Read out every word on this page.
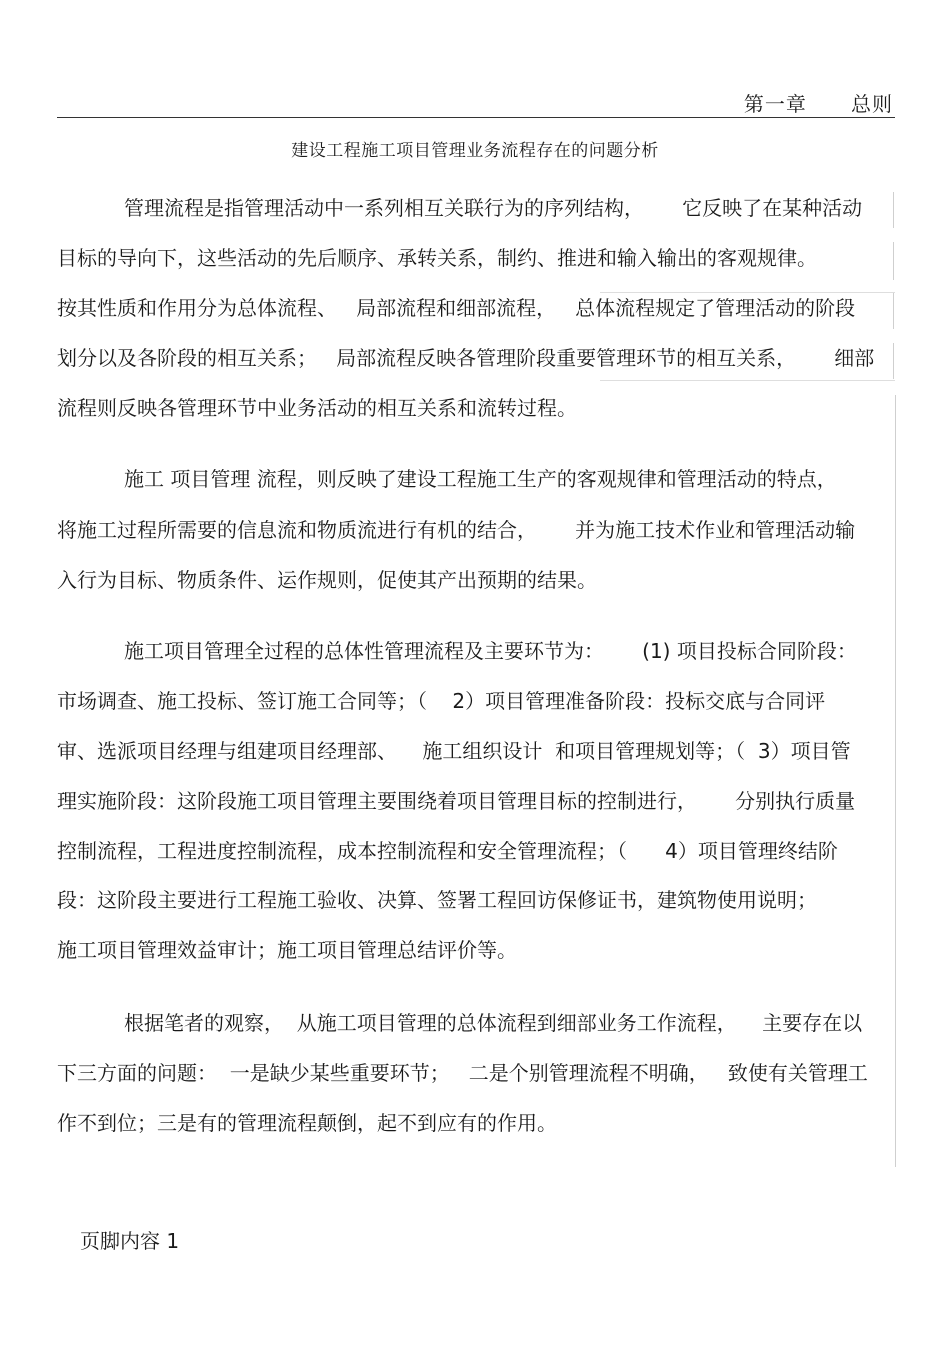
第一章      总则
建设工程施工项目管理业务流程存在的问题分析
管理流程是指管理活动中一系列相互关联行为的序列结构，      它反映了在某种活动
目标的导向下，这些活动的先后顺序、承转关系，制约、推进和输入输出的客观规律。
按其性质和作用分为总体流程、   局部流程和细部流程，   总体流程规定了管理活动的阶段
划分以及各阶段的相互关系；   局部流程反映各管理阶段重要管理环节的相互关系，      细部
流程则反映各管理环节中业务活动的相互关系和流转过程。
施工 项目管理 流程，则反映了建设工程施工生产的客观规律和管理活动的特点，
将施工过程所需要的信息流和物质流进行有机的结合，      并为施工技术作业和管理活动输
入行为目标、物质条件、运作规则，促使其产出预期的结果。
施工项目管理全过程的总体性管理流程及主要环节为：      (1) 项目投标合同阶段：
市场调查、施工投标、签订施工合同等；（    2）项目管理准备阶段：投标交底与合同评
审、选派项目经理与组建项目经理部、    施工组织设计  和项目管理规划等；（  3）项目管
理实施阶段：这阶段施工项目管理主要围绕着项目管理目标的控制进行，      分别执行质量
控制流程，工程进度控制流程，成本控制流程和安全管理流程；（      4）项目管理终结阶
段：这阶段主要进行工程施工验收、决算、签署工程回访保修证书，建筑物使用说明；
施工项目管理效益审计；施工项目管理总结评价等。
根据笔者的观察，  从施工项目管理的总体流程到细部业务工作流程，    主要存在以
下三方面的问题：  一是缺少某些重要环节；   二是个别管理流程不明确，   致使有关管理工
作不到位；三是有的管理流程颠倒，起不到应有的作用。
页脚内容 1
